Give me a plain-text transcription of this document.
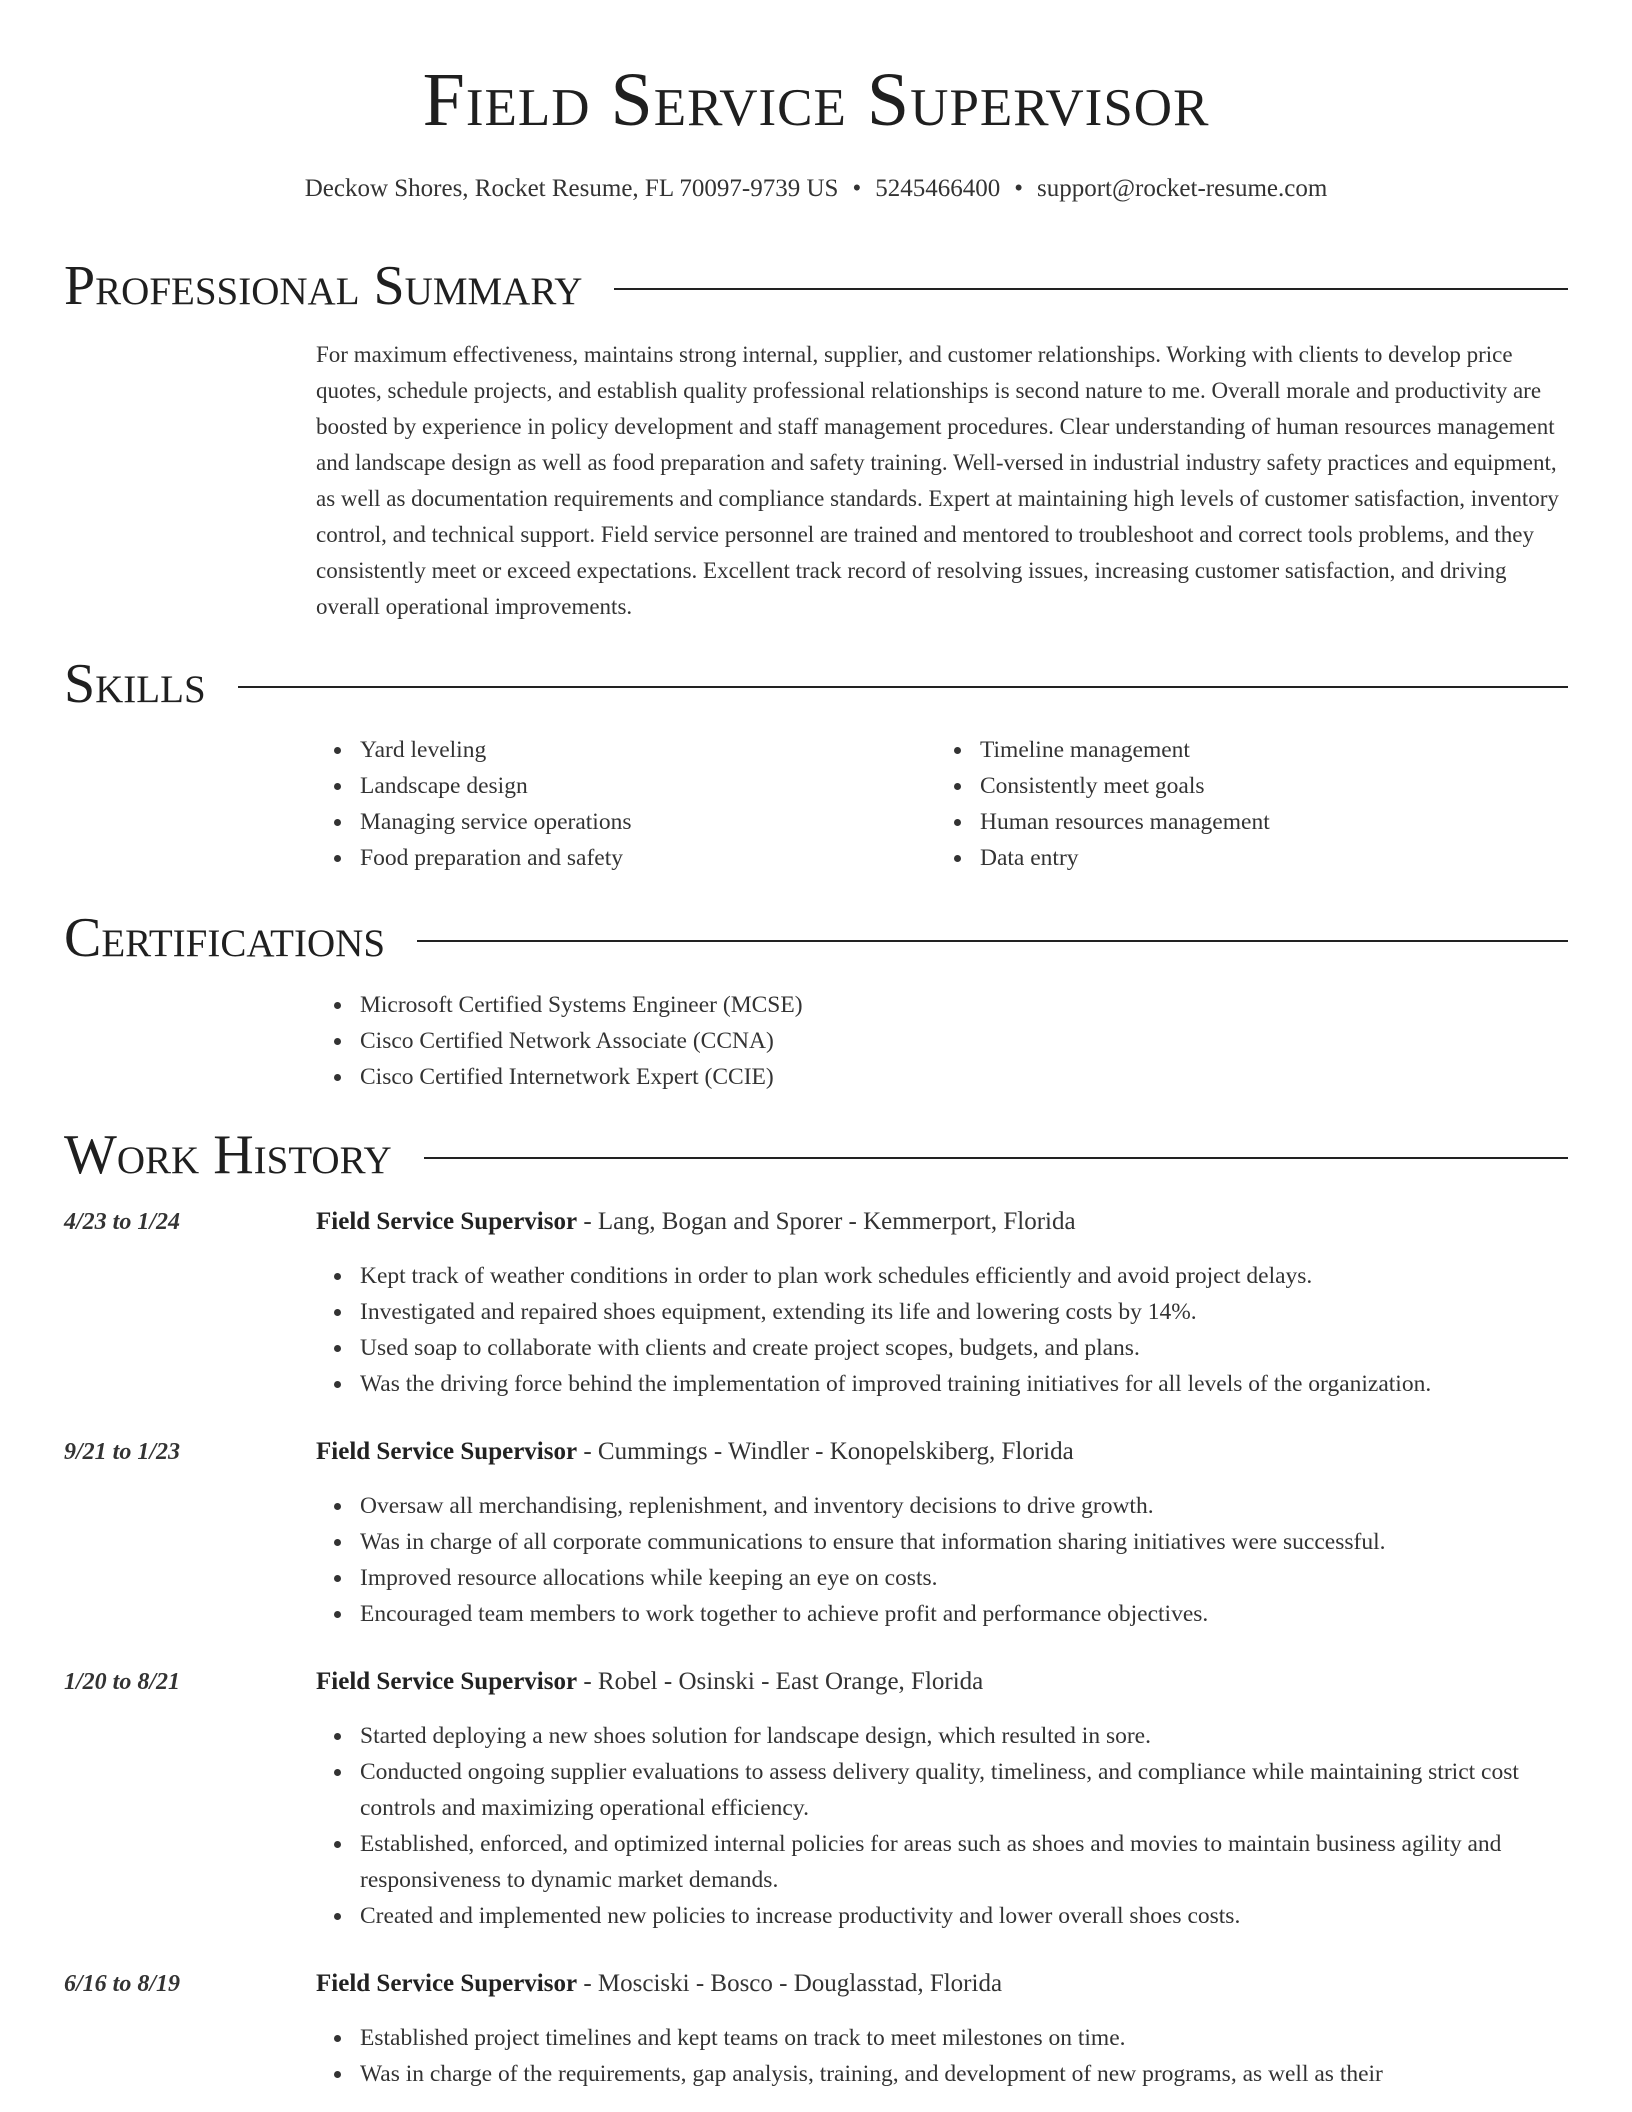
Field Service Supervisor
Deckow Shores, Rocket Resume, FL 70097-9739 US • 5245466400 • support@rocket-resume.com
Professional Summary

For maximum effectiveness, maintains strong internal, supplier, and customer relationships. Working with clients to develop price quotes, schedule projects, and establish quality professional relationships is second nature to me. Overall morale and productivity are boosted by experience in policy development and staff management procedures. Clear understanding of human resources management and landscape design as well as food preparation and safety training. Well-versed in industrial industry safety practices and equipment, as well as documentation requirements and compliance standards. Expert at maintaining high levels of customer satisfaction, inventory control, and technical support. Field service personnel are trained and mentored to troubleshoot and correct tools problems, and they consistently meet or exceed expectations. Excellent track record of resolving issues, increasing customer satisfaction, and driving overall operational improvements.

Skills
Yard leveling
Landscape design
Managing service operations
Food preparation and safety
Timeline management
Consistently meet goals
Human resources management
Data entry
Certifications
Microsoft Certified Systems Engineer (MCSE)
Cisco Certified Network Associate (CCNA)
Cisco Certified Internetwork Expert (CCIE)
Work History
4/23 to 1/24	Field Service Supervisor - Lang, Bogan and Sporer - Kemmerport, Florida
Kept track of weather conditions in order to plan work schedules efficiently and avoid project delays.
Investigated and repaired shoes equipment, extending its life and lowering costs by 14%.
Used soap to collaborate with clients and create project scopes, budgets, and plans.
Was the driving force behind the implementation of improved training initiatives for all levels of the organization.
9/21 to 1/23	Field Service Supervisor - Cummings - Windler - Konopelskiberg, Florida
Oversaw all merchandising, replenishment, and inventory decisions to drive growth.
Was in charge of all corporate communications to ensure that information sharing initiatives were successful.
Improved resource allocations while keeping an eye on costs.
Encouraged team members to work together to achieve profit and performance objectives.
1/20 to 8/21	Field Service Supervisor - Robel - Osinski - East Orange, Florida
Started deploying a new shoes solution for landscape design, which resulted in sore.
Conducted ongoing supplier evaluations to assess delivery quality, timeliness, and compliance while maintaining strict cost controls and maximizing operational efficiency.
Established, enforced, and optimized internal policies for areas such as shoes and movies to maintain business agility and responsiveness to dynamic market demands.
Created and implemented new policies to increase productivity and lower overall shoes costs.
6/16 to 8/19	Field Service Supervisor - Mosciski - Bosco - Douglasstad, Florida
Established project timelines and kept teams on track to meet milestones on time.
Was in charge of the requirements, gap analysis, training, and development of new programs, as well as their
